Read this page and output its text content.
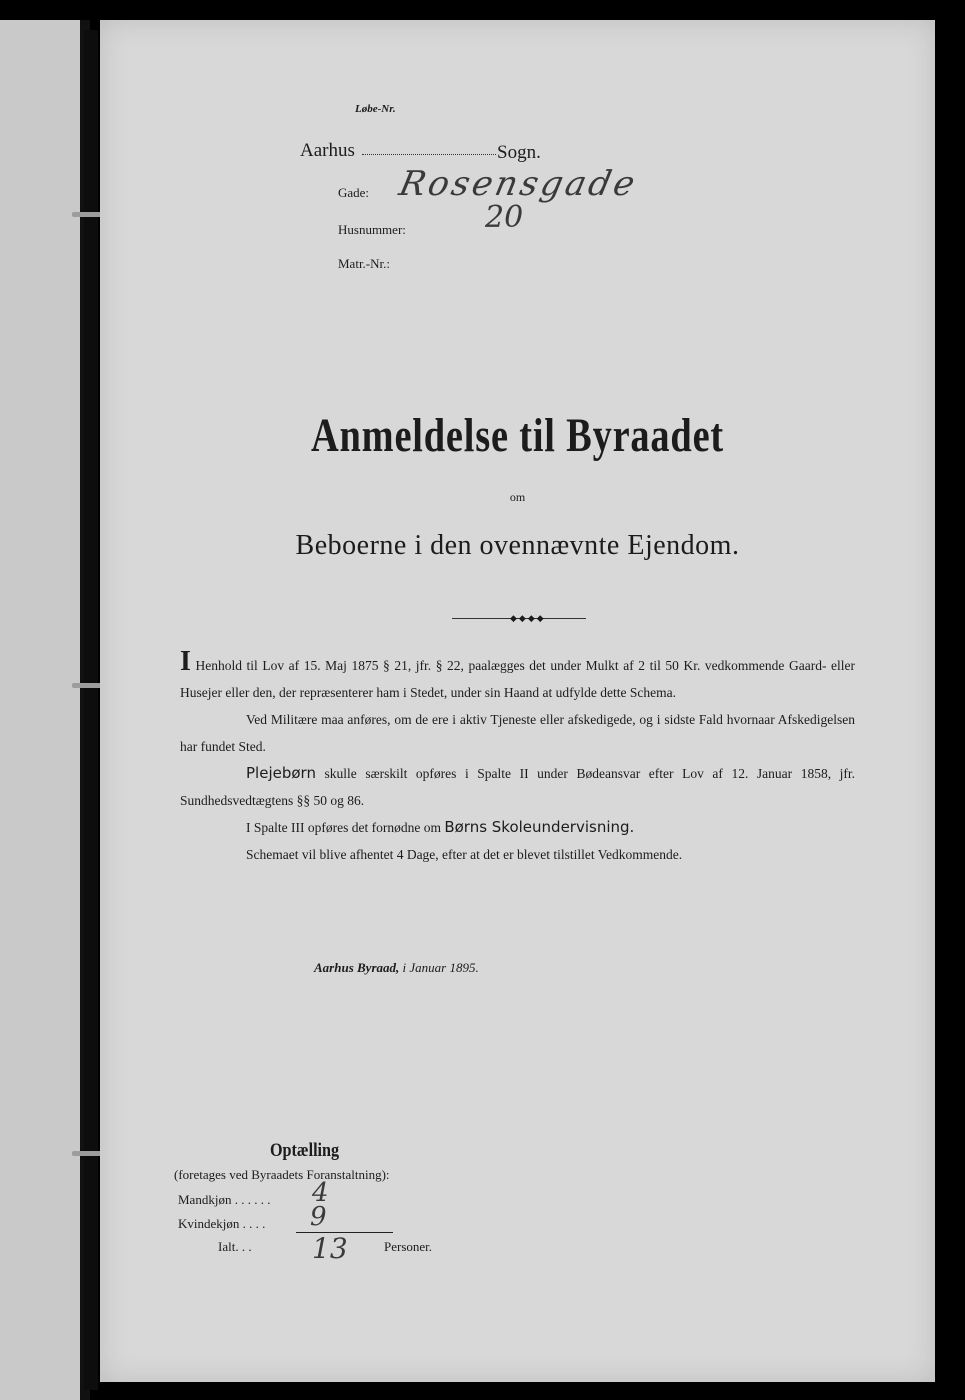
Løbe-Nr.
Aarhus	Sogn.
Gade: Rosensgade
Husnummer:	20
Matr.-Nr.:
Anmeldelse til Byraadet
om
Beboerne i den ovennævnte Ejendom.
◆◆◆◆

I Henhold til Lov af 15. Maj 1875 § 21, jfr. § 22, paalægges det under Mulkt af 2 til 50 Kr. vedkommende Gaard- eller Husejer eller den, der repræsenterer ham i Stedet, under sin Haand at udfylde dette Schema.

Ved Militære maa anføres, om de ere i aktiv Tjeneste eller afskedigede, og i sidste Fald hvornaar Afskedigelsen har fundet Sted.

Plejebørn skulle særskilt opføres i Spalte II under Bødeansvar efter Lov af 12. Januar 1858, jfr. Sundhedsvedtægtens §§ 50 og 86.

I Spalte III opføres det fornødne om Børns Skoleundervisning.

Schemaet vil blive afhentet 4 Dage, efter at det er blevet tilstillet Vedkommende.

Aarhus Byraad, i Januar 1895.
Optælling
(foretages ved Byraadets Foranstaltning):
Mandkjøn . . . . . . 4
Kvindekjøn . . . . 9
Ialt. . . 13	Personer.
